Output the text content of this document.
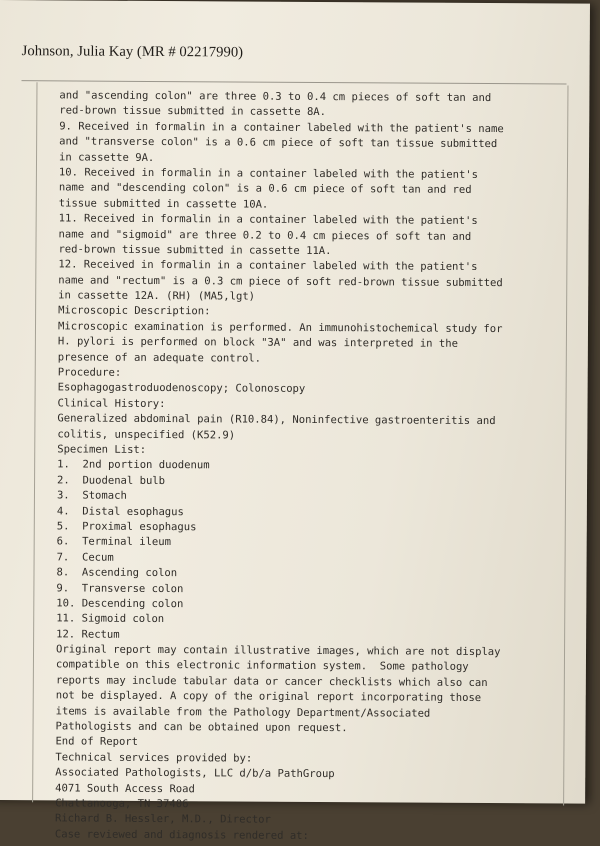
Johnson, Julia Kay (MR # 02217990)
and "ascending colon" are three 0.3 to 0.4 cm pieces of soft tan and
red-brown tissue submitted in cassette 8A.
9. Received in formalin in a container labeled with the patient's name
and "transverse colon" is a 0.6 cm piece of soft tan tissue submitted
in cassette 9A.
10. Received in formalin in a container labeled with the patient's
name and "descending colon" is a 0.6 cm piece of soft tan and red
tissue submitted in cassette 10A.
11. Received in formalin in a container labeled with the patient's
name and "sigmoid" are three 0.2 to 0.4 cm pieces of soft tan and
red-brown tissue submitted in cassette 11A.
12. Received in formalin in a container labeled with the patient's
name and "rectum" is a 0.3 cm piece of soft red-brown tissue submitted
in cassette 12A. (RH) (MA5,lgt)
Microscopic Description:
Microscopic examination is performed. An immunohistochemical study for
H. pylori is performed on block "3A" and was interpreted in the
presence of an adequate control.
Procedure:
Esophagogastroduodenoscopy; Colonoscopy
Clinical History:
Generalized abdominal pain (R10.84), Noninfective gastroenteritis and
colitis, unspecified (K52.9)
Specimen List:
1.  2nd portion duodenum
2.  Duodenal bulb
3.  Stomach
4.  Distal esophagus
5.  Proximal esophagus
6.  Terminal ileum
7.  Cecum
8.  Ascending colon
9.  Transverse colon
10. Descending colon
11. Sigmoid colon
12. Rectum
Original report may contain illustrative images, which are not display
compatible on this electronic information system.  Some pathology
reports may include tabular data or cancer checklists which also can
not be displayed. A copy of the original report incorporating those
items is available from the Pathology Department/Associated
Pathologists and can be obtained upon request.
End of Report
Technical services provided by:
Associated Pathologists, LLC d/b/a PathGroup
4071 South Access Road
Chattanooga, TN 37406
Richard B. Hessler, M.D., Director
Case reviewed and diagnosis rendered at:
